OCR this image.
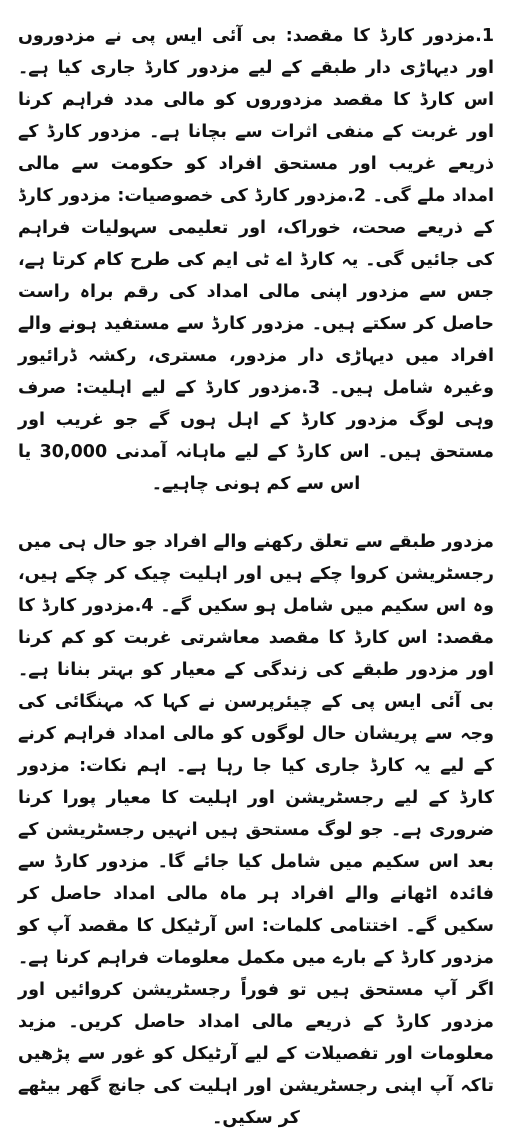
1.مزدور کارڈ کا مقصد: بی آئی ایس پی نے مزدوروں اور دیہاڑی دار طبقے کے لیے مزدور کارڈ جاری کیا ہے۔ اس کارڈ کا مقصد مزدوروں کو مالی مدد فراہم کرنا اور غربت کے منفی اثرات سے بچانا ہے۔ مزدور کارڈ کے ذریعے غریب اور مستحق افراد کو حکومت سے مالی امداد ملے گی۔ 2.مزدور کارڈ کی خصوصیات: مزدور کارڈ کے ذریعے صحت، خوراک، اور تعلیمی سہولیات فراہم کی جائیں گی۔ یہ کارڈ اے ٹی ایم کی طرح کام کرتا ہے، جس سے مزدور اپنی مالی امداد کی رقم براہ راست حاصل کر سکتے ہیں۔ مزدور کارڈ سے مستفید ہونے والے افراد میں دیہاڑی دار مزدور، مستری، رکشہ ڈرائیور وغیرہ شامل ہیں۔ 3.مزدور کارڈ کے لیے اہلیت: صرف وہی لوگ مزدور کارڈ کے اہل ہوں گے جو غریب اور مستحق ہیں۔ اس کارڈ کے لیے ماہانہ آمدنی 30,000 یا اس سے کم ہونی چاہیے۔

مزدور طبقے سے تعلق رکھنے والے افراد جو حال ہی میں رجسٹریشن کروا چکے ہیں اور اہلیت چیک کر چکے ہیں، وہ اس سکیم میں شامل ہو سکیں گے۔ 4.مزدور کارڈ کا مقصد: اس کارڈ کا مقصد معاشرتی غربت کو کم کرنا اور مزدور طبقے کی زندگی کے معیار کو بہتر بنانا ہے۔ بی آئی ایس پی کے چیئرپرسن نے کہا کہ مہنگائی کی وجہ سے پریشان حال لوگوں کو مالی امداد فراہم کرنے کے لیے یہ کارڈ جاری کیا جا رہا ہے۔ اہم نکات: مزدور کارڈ کے لیے رجسٹریشن اور اہلیت کا معیار پورا کرنا ضروری ہے۔ جو لوگ مستحق ہیں انہیں رجسٹریشن کے بعد اس سکیم میں شامل کیا جائے گا۔ مزدور کارڈ سے فائدہ اٹھانے والے افراد ہر ماہ مالی امداد حاصل کر سکیں گے۔ اختتامی کلمات: اس آرٹیکل کا مقصد آپ کو مزدور کارڈ کے بارے میں مکمل معلومات فراہم کرنا ہے۔ اگر آپ مستحق ہیں تو فوراً رجسٹریشن کروائیں اور مزدور کارڈ کے ذریعے مالی امداد حاصل کریں۔ مزید معلومات اور تفصیلات کے لیے آرٹیکل کو غور سے پڑھیں تاکہ آپ اپنی رجسٹریشن اور اہلیت کی جانچ گھر بیٹھے کر سکیں۔
